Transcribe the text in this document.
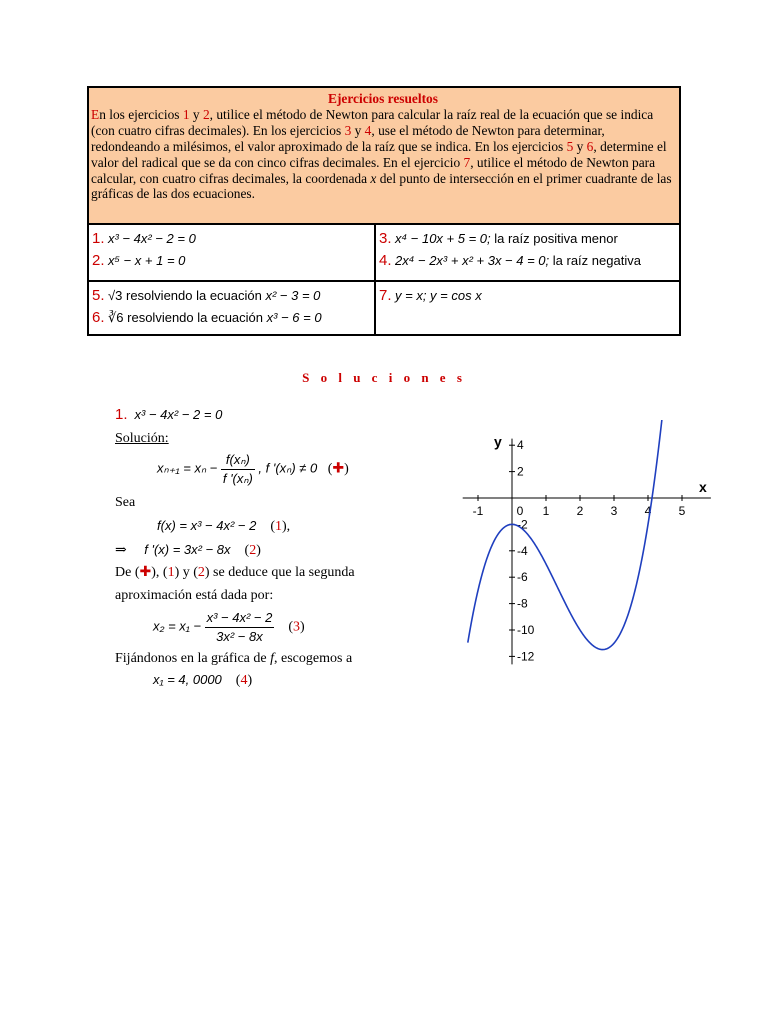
Ejercicios resueltos
En los ejercicios 1 y 2, utilice el método de Newton para calcular la raíz real de la ecuación que se indica (con cuatro cifras decimales). En los ejercicios 3 y 4, use el método de Newton para determinar, redondeando a milésimos, el valor aproximado de la raíz que se indica. En los ejercicios 5 y 6, determine el valor del radical que se da con cinco cifras decimales. En el ejercicio 7, utilice el método de Newton para calcular, con cuatro cifras decimales, la coordenada x del punto de intersección en el primer cuadrante de las gráficas de las dos ecuaciones.
1. x³ − 4x² − 2 = 0
2. x⁵ − x + 1 = 0
3. x⁴ − 10x + 5 = 0; la raíz positiva menor
4. 2x⁴ − 2x³ + x² + 3x − 4 = 0; la raíz negativa
5. √3 resolviendo la ecuación x² − 3 = 0
6. ∛6 resolviendo la ecuación x³ − 6 = 0
7. y = x; y = cos x
S o l u c i o n e s
1. x³ − 4x² − 2 = 0
Solución:
$x_{n+1} = x_n - \frac{\text{f(xₙ)}}{\text{f '(xₙ)}}$ , f '(xₙ) ≠ 0   (✚)
Sea
f(x) = x³ − 4x² − 2    (1),
⇒ f '(x) = 3x² − 8x    (2)
De (✚), (1) y (2) se deduce que la segunda
aproximación está dada por:
$x_2 = x_1 - \frac{\text{x³ − 4x² − 2}}{\text{3x² − 8x}} (3)$
Fijándonos en la gráfica de f, escogemos a
x₁ = 4, 0000    (4)
-1	0 1 2 3 4 5
4
2
-2
-4
-6
-8
-10
-12
x
y
